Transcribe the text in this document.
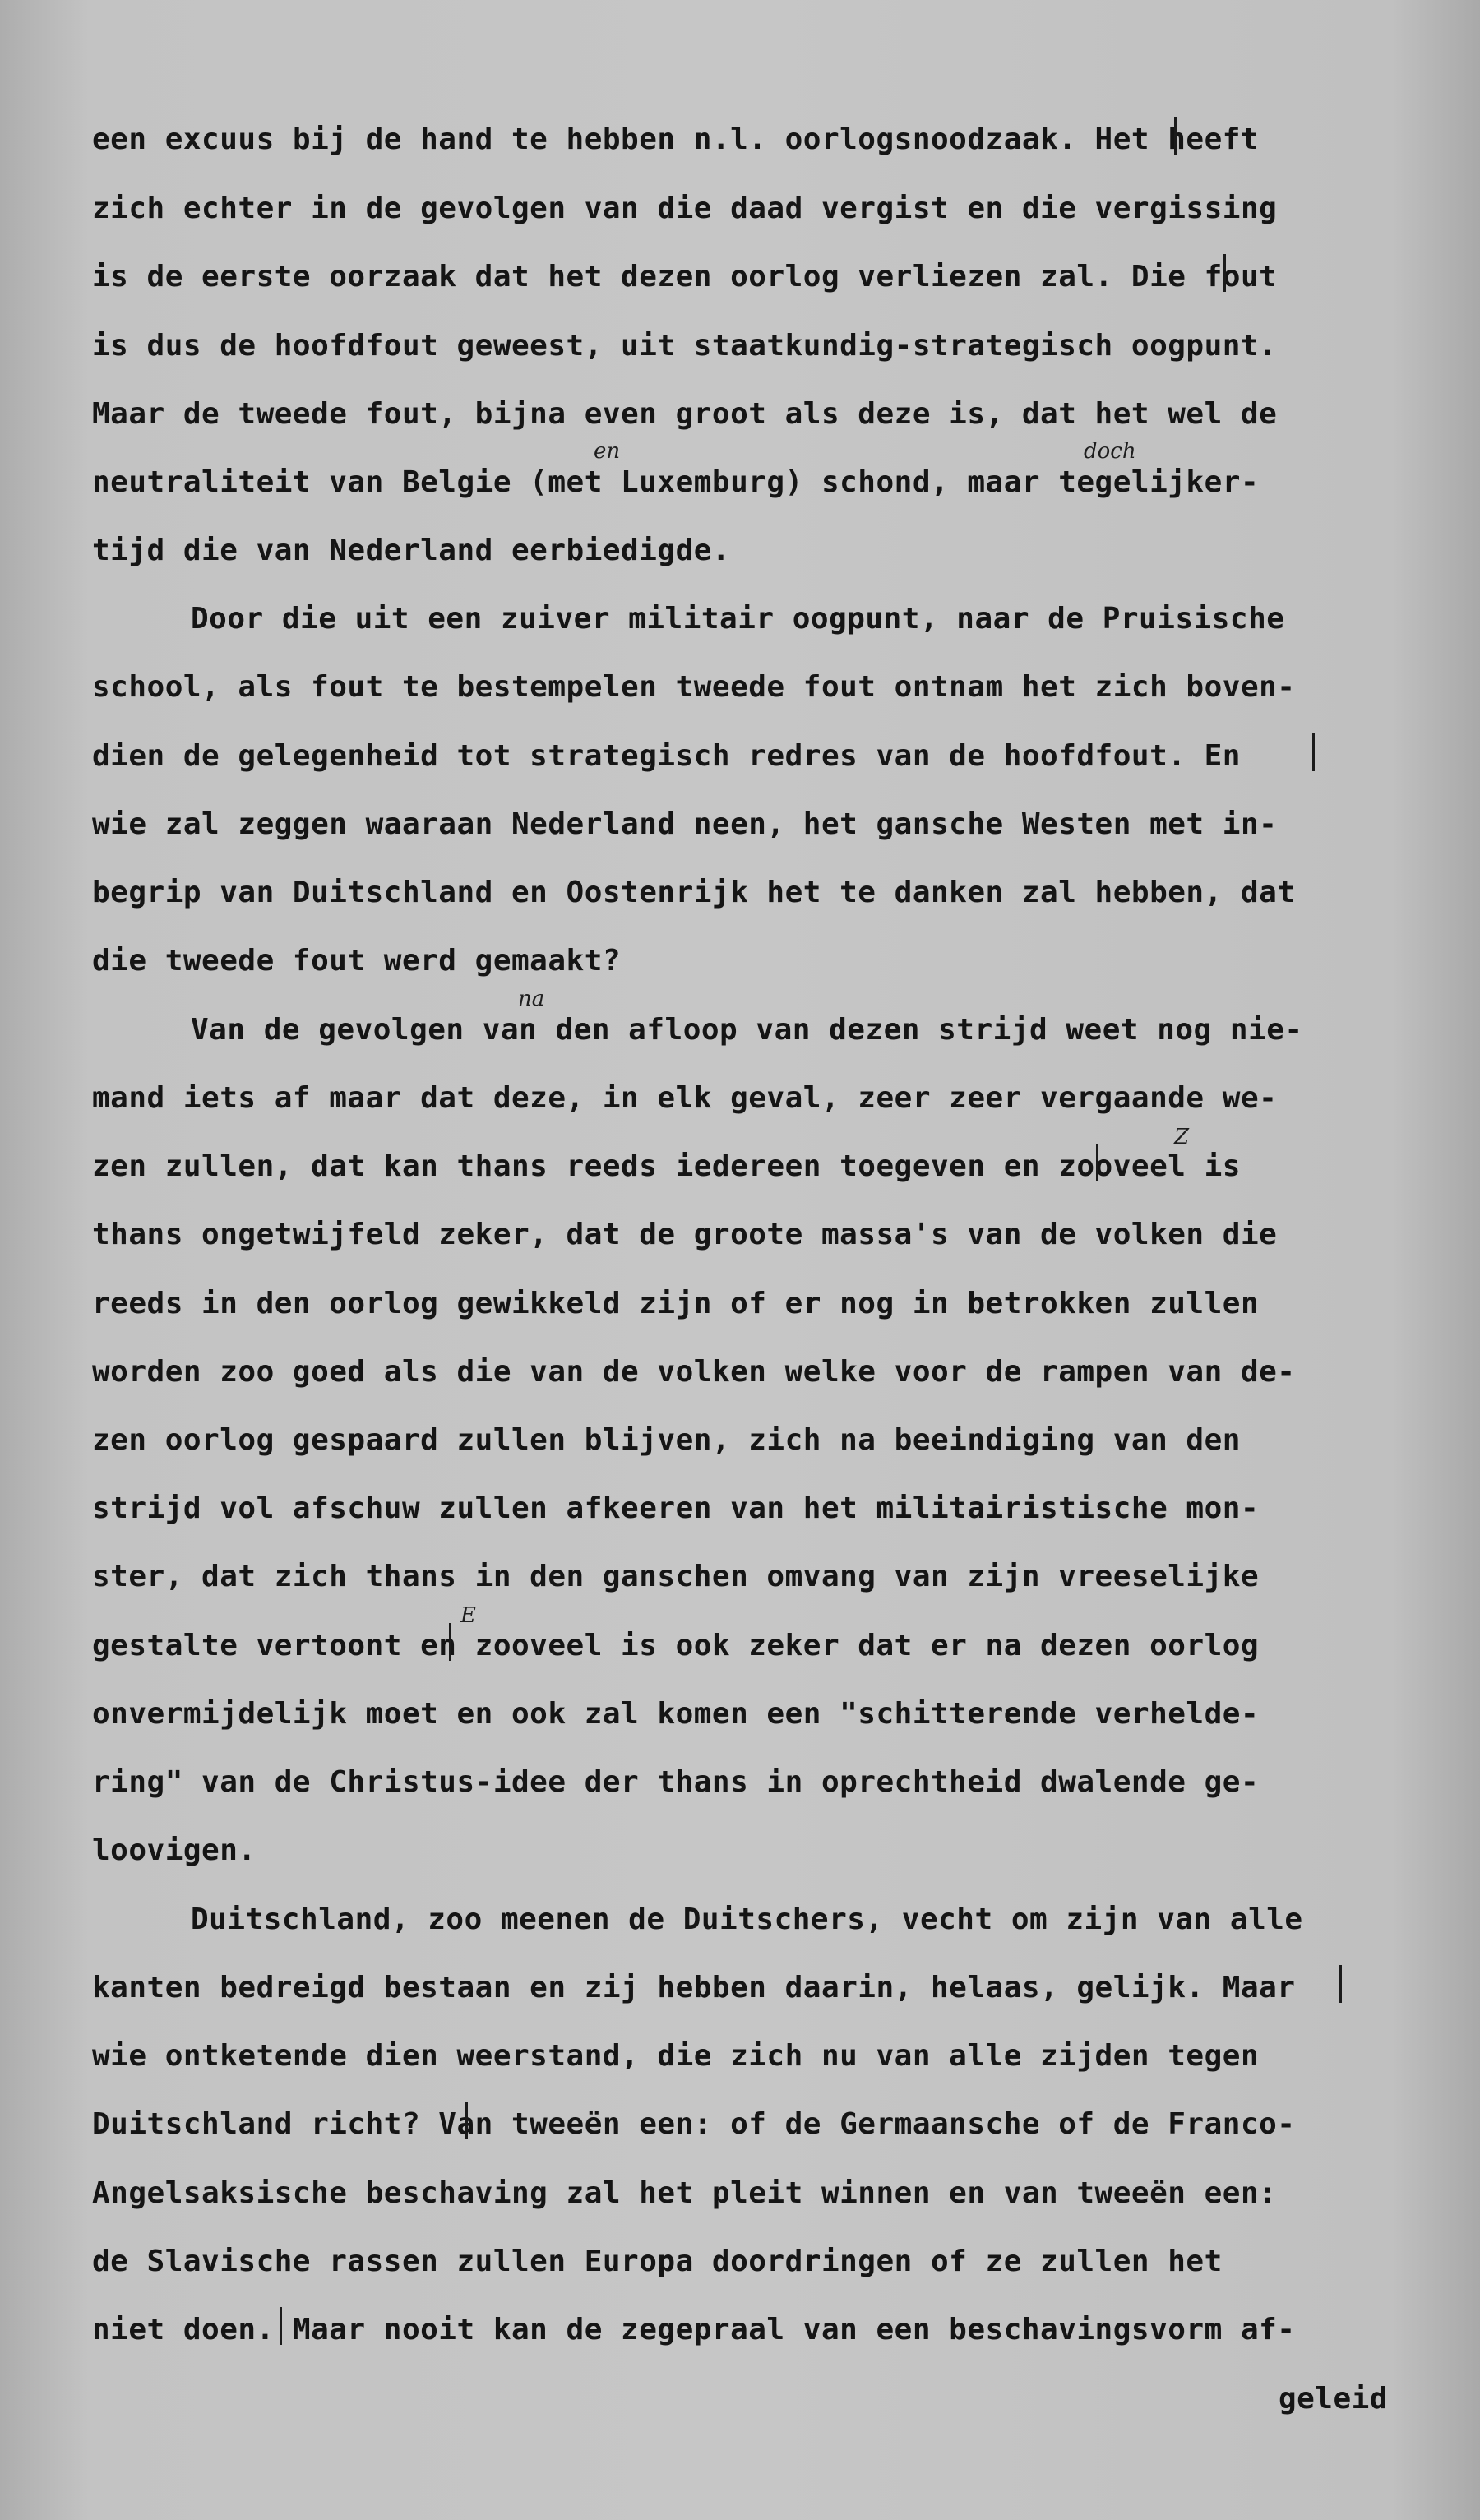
een excuus bij de hand te hebben n.l. oorlogsnoodzaak. Het heeft
zich echter in de gevolgen van die daad vergist en die vergissing
is de eerste oorzaak dat het dezen oorlog verliezen zal. Die fout
is dus de hoofdfout geweest, uit staatkundig-strategisch oogpunt.
Maar de tweede fout, bijna even groot als deze is, dat het wel de
neutraliteit van Belgie (met Luxemburg) schond, maar tegelijker-
tijd die van Nederland eerbiedigde.
Door die uit een zuiver militair oogpunt, naar de Pruisische
school, als fout te bestempelen tweede fout ontnam het zich boven-
dien de gelegenheid tot strategisch redres van de hoofdfout. En
wie zal zeggen waaraan Nederland neen, het gansche Westen met in-
begrip van Duitschland en Oostenrijk het te danken zal hebben, dat
die tweede fout werd gemaakt?
Van de gevolgen van den afloop van dezen strijd weet nog nie-
mand iets af maar dat deze, in elk geval, zeer zeer vergaande we-
zen zullen, dat kan thans reeds iedereen toegeven en zooveel is
thans ongetwijfeld zeker, dat de groote massa's van de volken die
reeds in den oorlog gewikkeld zijn of er nog in betrokken zullen
worden zoo goed als die van de volken welke voor de rampen van de-
zen oorlog gespaard zullen blijven, zich na beeindiging van den
strijd vol afschuw zullen afkeeren van het militairistische mon-
ster, dat zich thans in den ganschen omvang van zijn vreeselijke
gestalte vertoont en zooveel is ook zeker dat er na dezen oorlog
onvermijdelijk moet en ook zal komen een "schitterende verhelde-
ring" van de Christus-idee der thans in oprechtheid dwalende ge-
loovigen.
Duitschland, zoo meenen de Duitschers, vecht om zijn van alle
kanten bedreigd bestaan en zij hebben daarin, helaas, gelijk. Maar
wie ontketende dien weerstand, die zich nu van alle zijden tegen
Duitschland richt? Van tweeën een: of de Germaansche of de Franco-
Angelsaksische beschaving zal het pleit winnen en van tweeën een:
de Slavische rassen zullen Europa doordringen of ze zullen het
niet doen. Maar nooit kan de zegepraal van een beschavingsvorm af-
geleid
en	doch
na
Z
E
